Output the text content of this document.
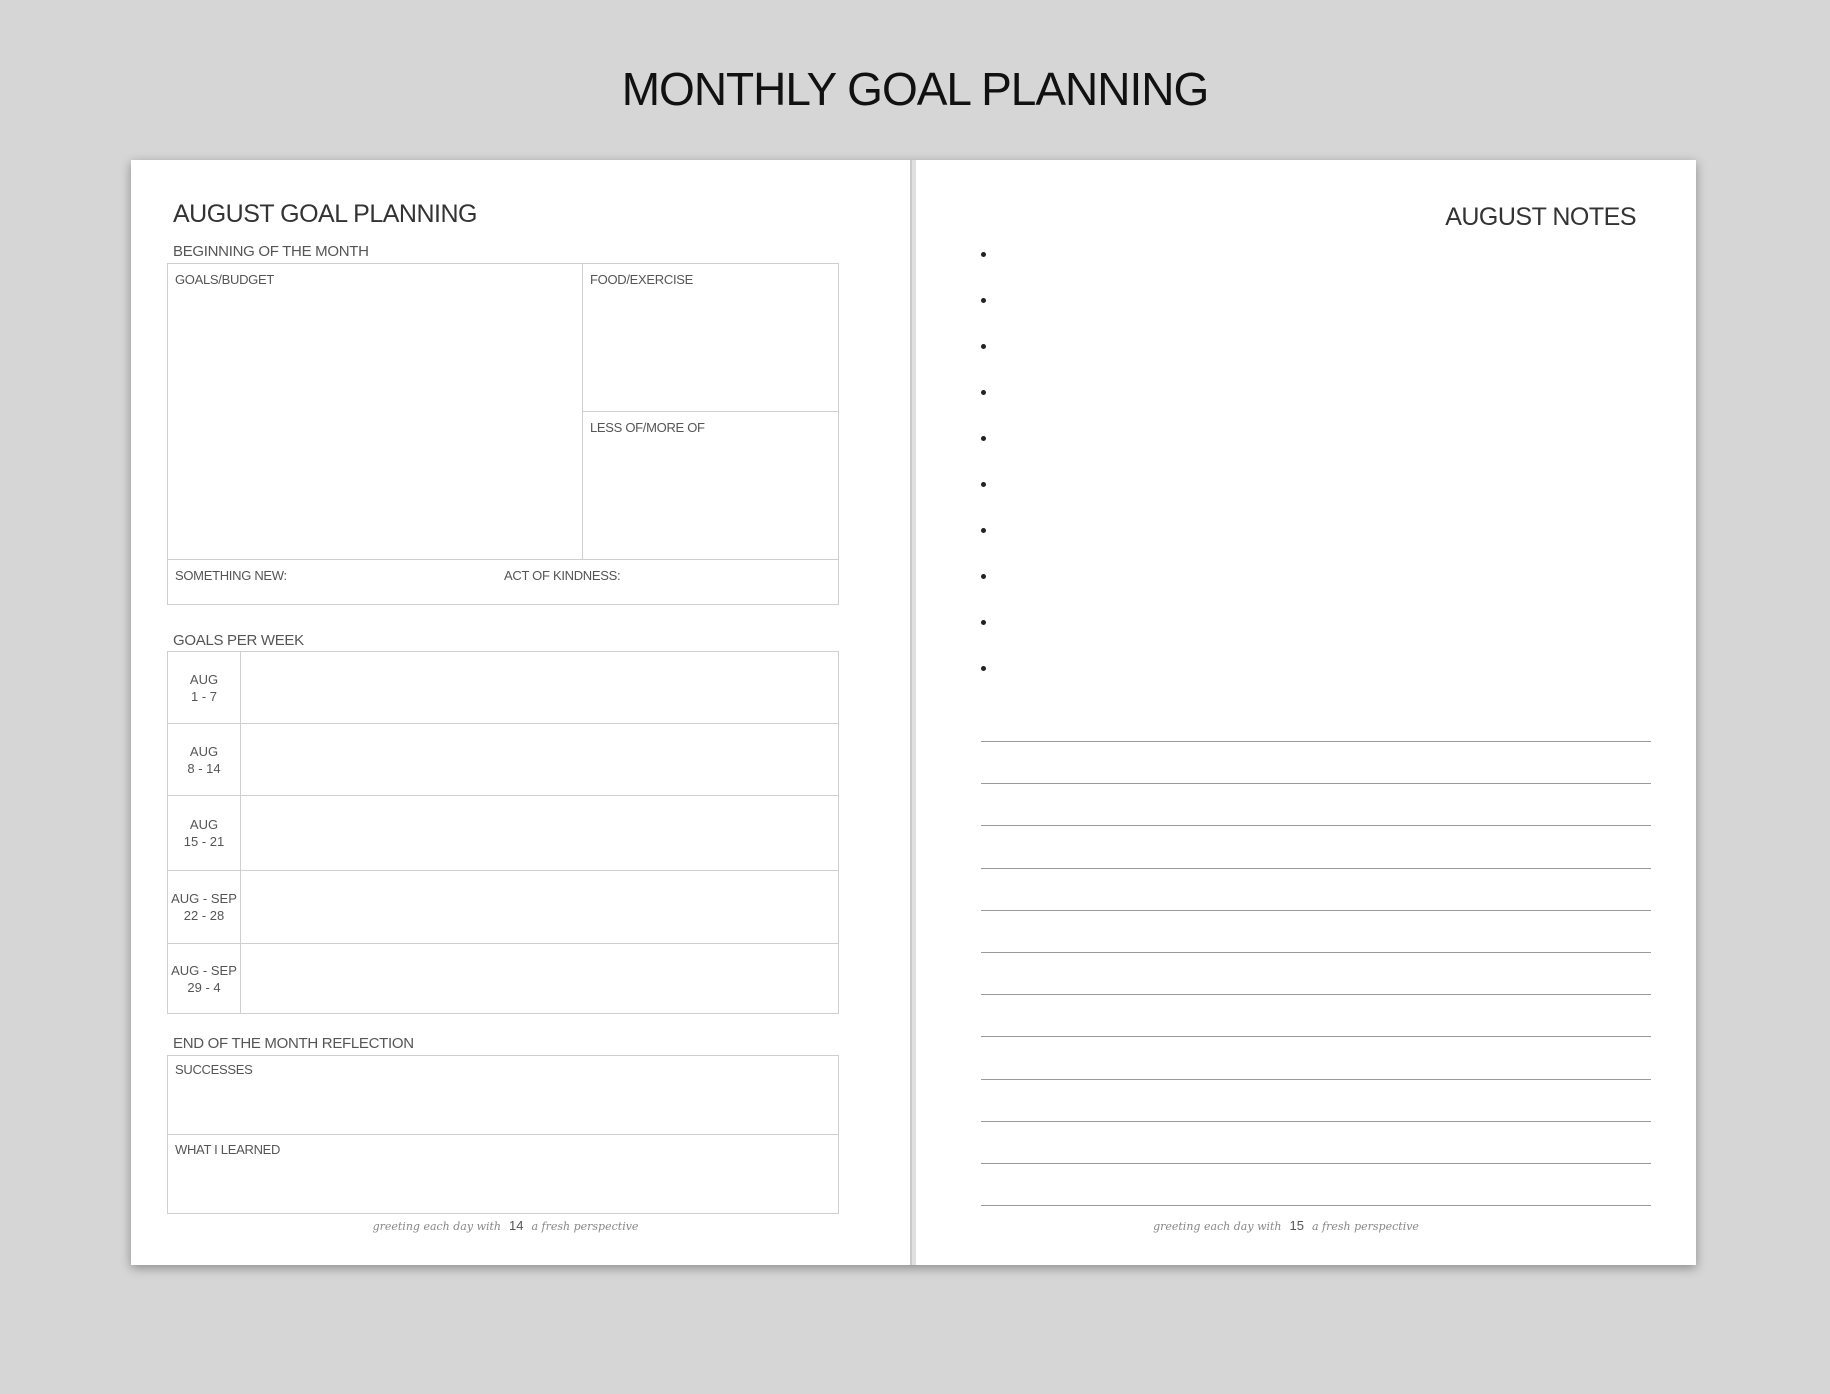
MONTHLY GOAL PLANNING
AUGUST GOAL PLANNING
BEGINNING OF THE MONTH
GOALS/BUDGET	FOOD/EXERCISE
LESS OF/MORE OF
SOMETHING NEW:	ACT OF KINDNESS:
GOALS PER WEEK
AUG
1 - 7
AUG
8 - 14
AUG
15 - 21
AUG - SEP
22 - 28
AUG - SEP
29 - 4
END OF THE MONTH REFLECTION
SUCCESSES
WHAT I LEARNED
greeting each day with 14 a fresh perspective
AUGUST NOTES
greeting each day with 15 a fresh perspective
